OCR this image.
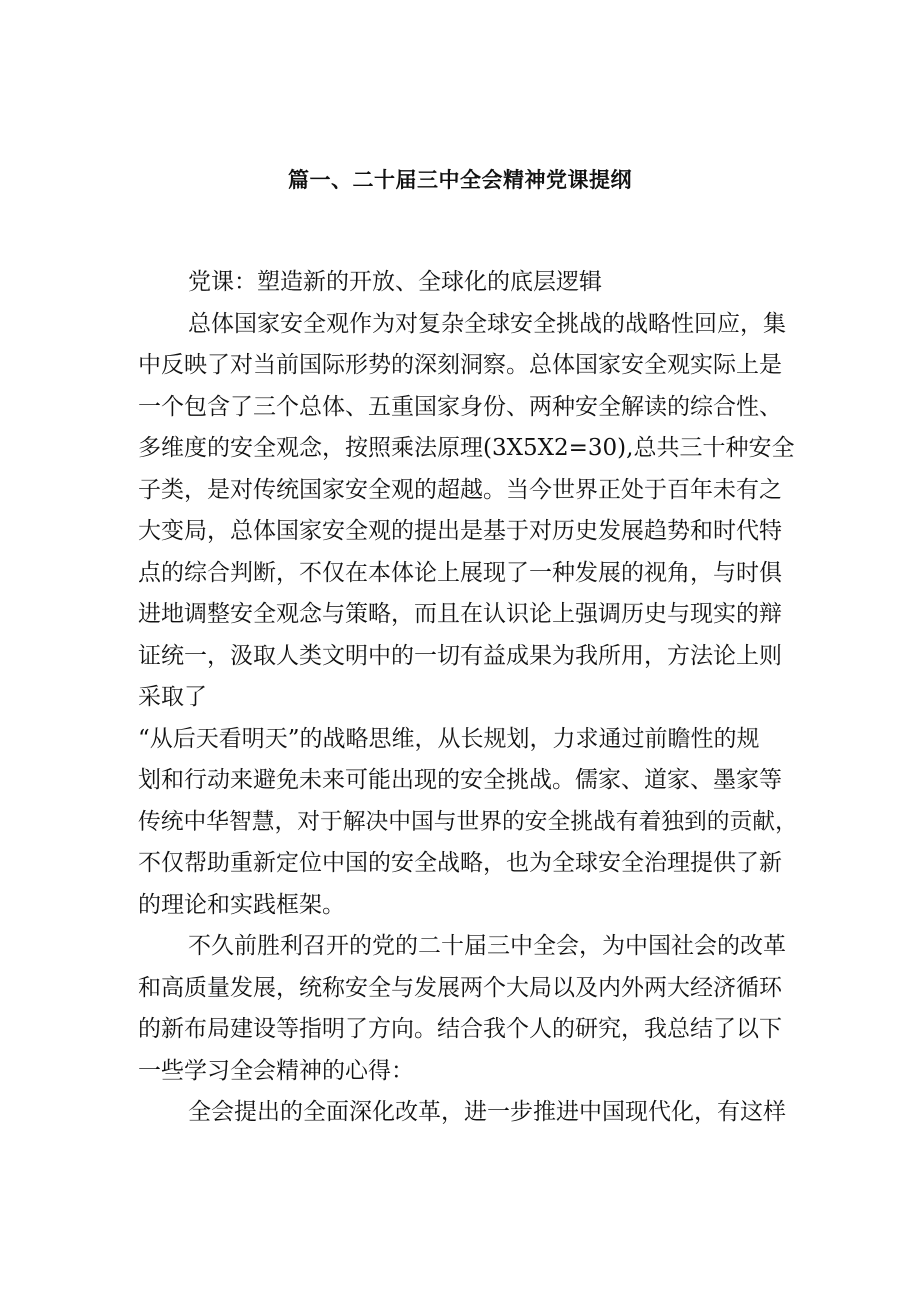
篇一、二十届三中全会精神党课提纲
党课：塑造新的开放、全球化的底层逻辑
总体国家安全观作为对复杂全球安全挑战的战略性回应，集
中反映了对当前国际形势的深刻洞察。总体国家安全观实际上是
一个包含了三个总体、五重国家身份、两种安全解读的综合性、
多维度的安全观念，按照乘法原理(3X5X2=30),总共三十种安全
子类，是对传统国家安全观的超越。当今世界正处于百年未有之
大变局，总体国家安全观的提出是基于对历史发展趋势和时代特
点的综合判断，不仅在本体论上展现了一种发展的视角，与时俱
进地调整安全观念与策略，而且在认识论上强调历史与现实的辩
证统一，汲取人类文明中的一切有益成果为我所用，方法论上则
采取了
“从后天看明天”的战略思维，从长规划，力求通过前瞻性的规
划和行动来避免未来可能出现的安全挑战。儒家、道家、墨家等
传统中华智慧，对于解决中国与世界的安全挑战有着独到的贡献，
不仅帮助重新定位中国的安全战略，也为全球安全治理提供了新
的理论和实践框架。
不久前胜利召开的党的二十届三中全会，为中国社会的改革
和高质量发展，统称安全与发展两个大局以及内外两大经济循环
的新布局建设等指明了方向。结合我个人的研究，我总结了以下
一些学习全会精神的心得：
全会提出的全面深化改革，进一步推进中国现代化，有这样
